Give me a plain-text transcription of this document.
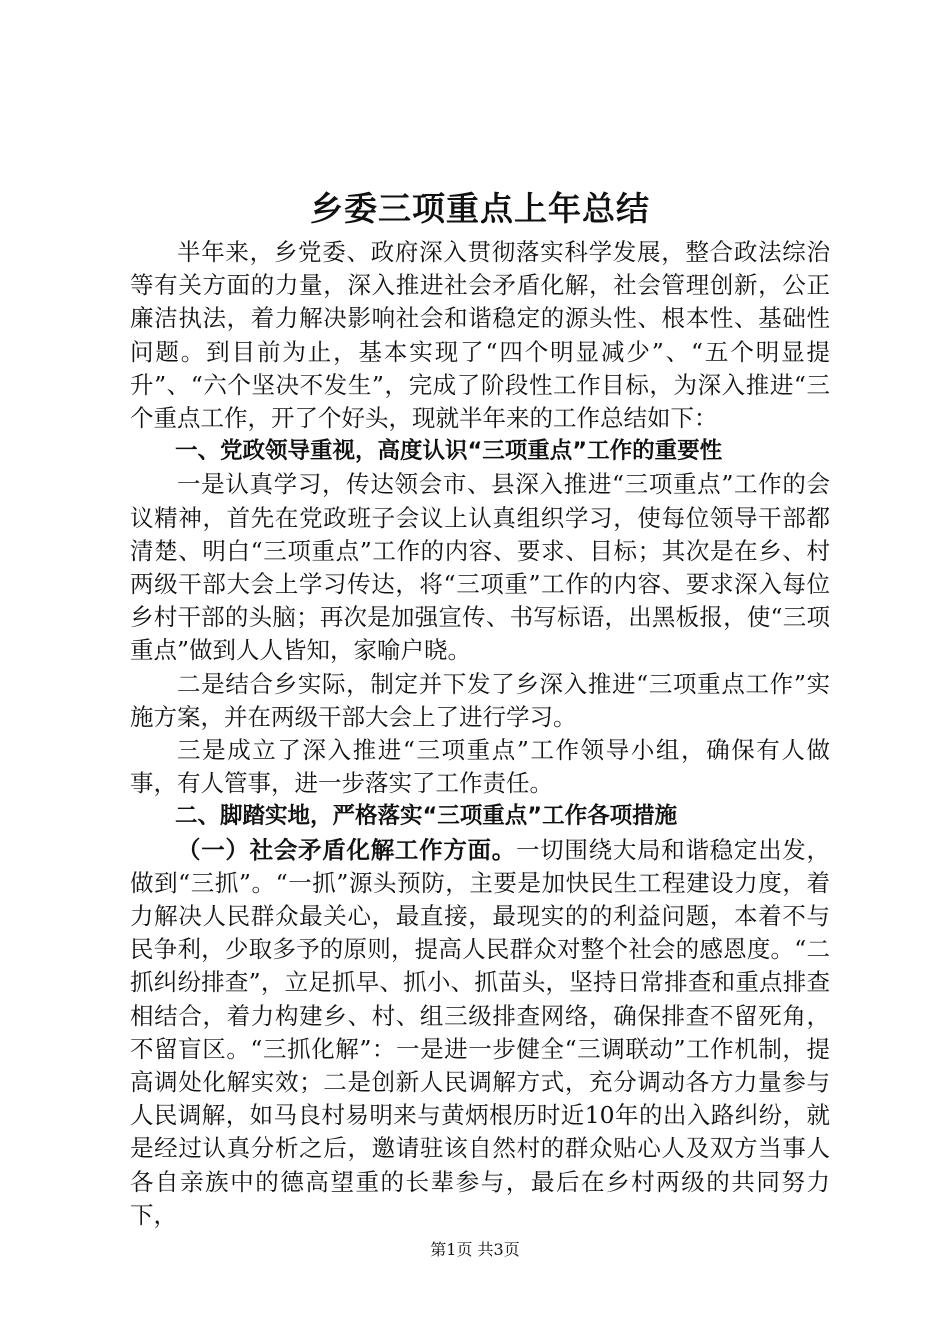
乡委三项重点上年总结

半年来，乡党委、政府深入贯彻落实科学发展，整合政法综治等有关方面的力量，深入推进社会矛盾化解，社会管理创新，公正廉洁执法，着力解决影响社会和谐稳定的源头性、根本性、基础性问题。到目前为止，基本实现了“四个明显减少”、“五个明显提升”、“六个坚决不发生”，完成了阶段性工作目标，为深入推进“三个重点工作，开了个好头，现就半年来的工作总结如下：

一、党政领导重视，高度认识“三项重点”工作的重要性

一是认真学习，传达领会市、县深入推进“三项重点”工作的会议精神，首先在党政班子会议上认真组织学习，使每位领导干部都清楚、明白“三项重点”工作的内容、要求、目标；其次是在乡、村两级干部大会上学习传达，将“三项重”工作的内容、要求深入每位乡村干部的头脑；再次是加强宣传、书写标语，出黑板报，使“三项重点”做到人人皆知，家喻户晓。

二是结合乡实际，制定并下发了乡深入推进“三项重点工作”实施方案，并在两级干部大会上了进行学习。

三是成立了深入推进“三项重点”工作领导小组，确保有人做事，有人管事，进一步落实了工作责任。

二、脚踏实地，严格落实“三项重点”工作各项措施

（一）社会矛盾化解工作方面。一切围绕大局和谐稳定出发，做到“三抓”。“一抓”源头预防，主要是加快民生工程建设力度，着力解决人民群众最关心，最直接，最现实的的利益问题，本着不与民争利，少取多予的原则，提高人民群众对整个社会的感恩度。“二抓纠纷排查”，立足抓早、抓小、抓苗头，坚持日常排查和重点排查相结合，着力构建乡、村、组三级排查网络，确保排查不留死角，不留盲区。“三抓化解”：一是进一步健全“三调联动”工作机制，提高调处化解实效；二是创新人民调解方式，充分调动各方力量参与人民调解，如马良村易明来与黄炳根历时近10年的出入路纠纷，就是经过认真分析之后，邀请驻该自然村的群众贴心人及双方当事人各自亲族中的德高望重的长辈参与，最后在乡村两级的共同努力下，

第1页 共3页
